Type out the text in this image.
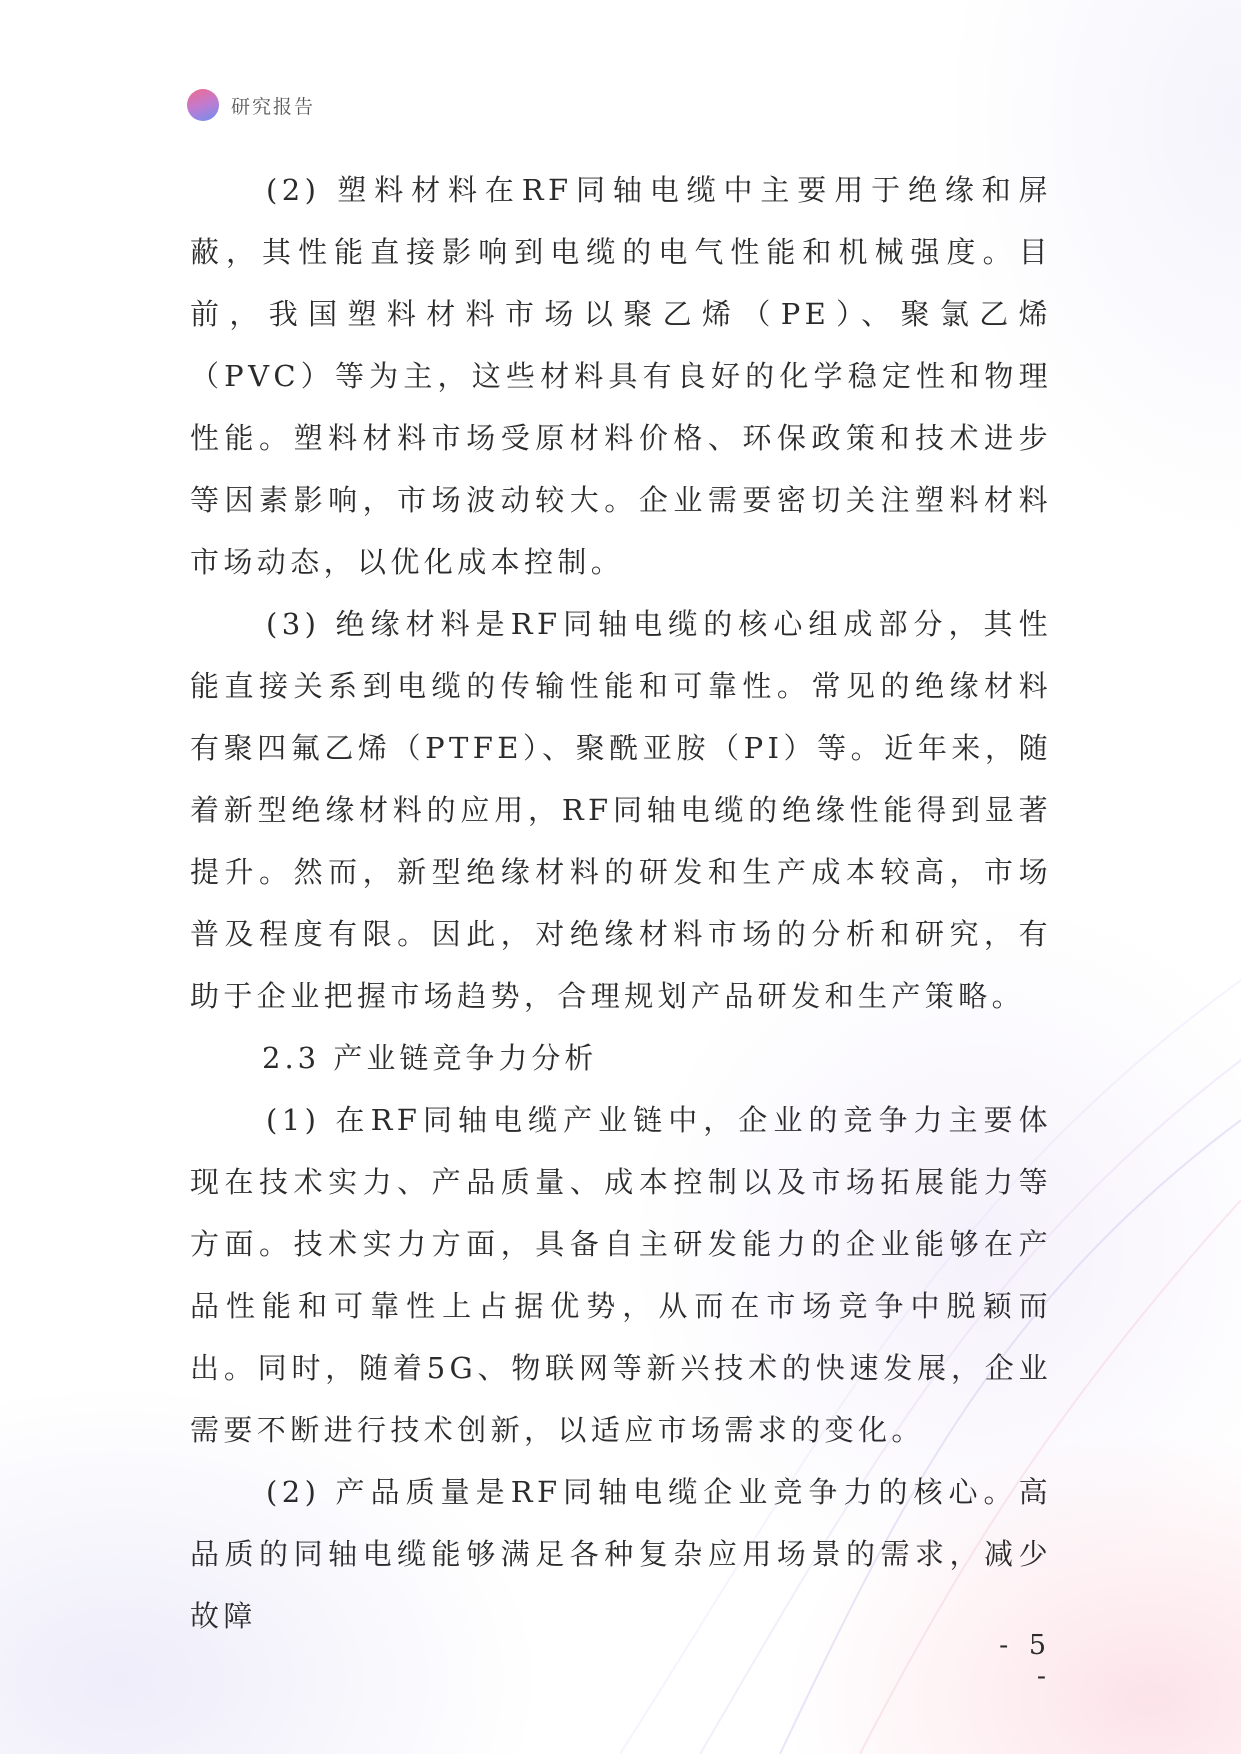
研究报告

(2) 塑料材料在RF同轴电缆中主要用于绝缘和屏蔽，其性能直接影响到电缆的电气性能和机械强度。目前，我国塑料材料市场以聚乙烯（PE）、聚氯乙烯（PVC）等为主，这些材料具有良好的化学稳定性和物理性能。塑料材料市场受原材料价格、环保政策和技术进步等因素影响，市场波动较大。企业需要密切关注塑料材料市场动态，以优化成本控制。

(3) 绝缘材料是RF同轴电缆的核心组成部分，其性能直接关系到电缆的传输性能和可靠性。常见的绝缘材料有聚四氟乙烯（PTFE）、聚酰亚胺（PI）等。近年来，随着新型绝缘材料的应用，RF同轴电缆的绝缘性能得到显著提升。然而，新型绝缘材料的研发和生产成本较高，市场普及程度有限。因此，对绝缘材料市场的分析和研究，有助于企业把握市场趋势，合理规划产品研发和生产策略。

2.3 产业链竞争力分析

(1) 在RF同轴电缆产业链中，企业的竞争力主要体现在技术实力、产品质量、成本控制以及市场拓展能力等方面。技术实力方面，具备自主研发能力的企业能够在产品性能和可靠性上占据优势，从而在市场竞争中脱颖而出。同时，随着5G、物联网等新兴技术的快速发展，企业需要不断进行技术创新，以适应市场需求的变化。

(2) 产品质量是RF同轴电缆企业竞争力的核心。高品质的同轴电缆能够满足各种复杂应用场景的需求，减少故障

- 5 -
